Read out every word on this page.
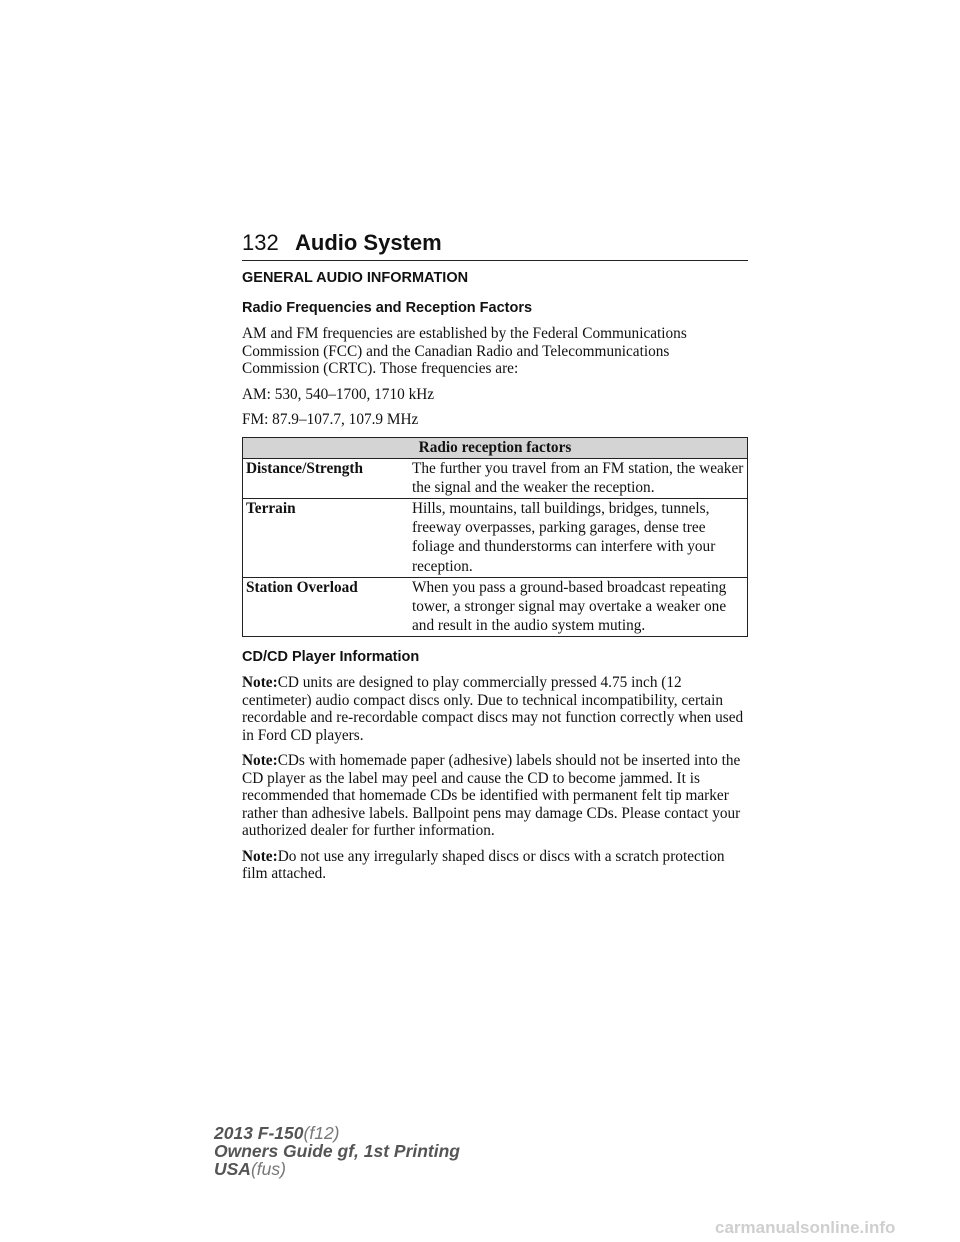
132 Audio System
GENERAL AUDIO INFORMATION
Radio Frequencies and Reception Factors

AM and FM frequencies are established by the Federal Communications Commission (FCC) and the Canadian Radio and Telecommunications Commission (CRTC). Those frequencies are:

AM: 530, 540–1700, 1710 kHz

FM: 87.9–107.7, 107.9 MHz

Radio reception factors	
Distance/Strength	The further you travel from an FM station, the weaker the signal and the weaker the reception.
Terrain	Hills, mountains, tall buildings, bridges, tunnels, freeway overpasses, parking garages, dense tree foliage and thunderstorms can interfere with your reception.
Station Overload	When you pass a ground-based broadcast repeating tower, a stronger signal may overtake a weaker one and result in the audio system muting.
CD/CD Player Information

Note:CD units are designed to play commercially pressed 4.75 inch (12 centimeter) audio compact discs only. Due to technical incompatibility, certain recordable and re-recordable compact discs may not function correctly when used in Ford CD players.

Note:CDs with homemade paper (adhesive) labels should not be inserted into the CD player as the label may peel and cause the CD to become jammed. It is recommended that homemade CDs be identified with permanent felt tip marker rather than adhesive labels. Ballpoint pens may damage CDs. Please contact your authorized dealer for further information.

Note:Do not use any irregularly shaped discs or discs with a scratch protection film attached.

2013 F-150(f12)
Owners Guide gf, 1st Printing
USA(fus)
carmanualsonline.info
